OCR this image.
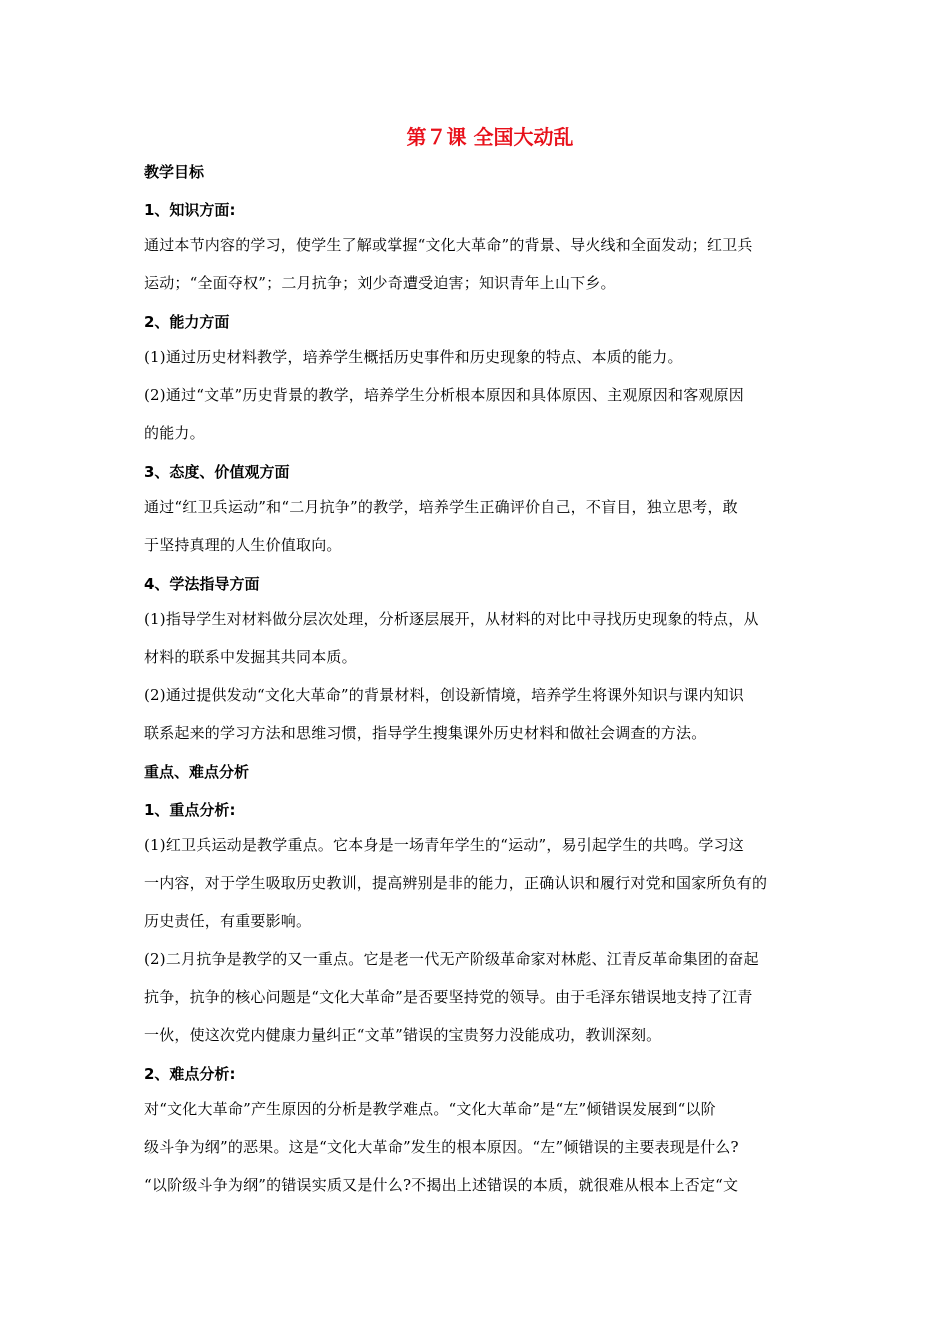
第７课 全国大动乱
教学目标
1、知识方面:
通过本节内容的学习，使学生了解或掌握“文化大革命”的背景、导火线和全面发动；红卫兵
运动；“全面夺权”；二月抗争；刘少奇遭受迫害；知识青年上山下乡。
2、能力方面
(1)通过历史材料教学，培养学生概括历史事件和历史现象的特点、本质的能力。
(2)通过“文革”历史背景的教学，培养学生分析根本原因和具体原因、主观原因和客观原因
的能力。
3、态度、价值观方面
通过“红卫兵运动”和“二月抗争”的教学，培养学生正确评价自己，不盲目，独立思考，敢
于坚持真理的人生价值取向。
4、学法指导方面
(1)指导学生对材料做分层次处理，分析逐层展开，从材料的对比中寻找历史现象的特点，从
材料的联系中发掘其共同本质。
(2)通过提供发动“文化大革命”的背景材料，创设新情境，培养学生将课外知识与课内知识
联系起来的学习方法和思维习惯，指导学生搜集课外历史材料和做社会调查的方法。
重点、难点分析
1、重点分析:
(1)红卫兵运动是教学重点。它本身是一场青年学生的“运动”，易引起学生的共鸣。学习这
一内容，对于学生吸取历史教训，提高辨别是非的能力，正确认识和履行对党和国家所负有的
历史责任，有重要影响。
(2)二月抗争是教学的又一重点。它是老一代无产阶级革命家对林彪、江青反革命集团的奋起
抗争，抗争的核心问题是“文化大革命”是否要坚持党的领导。由于毛泽东错误地支持了江青
一伙，使这次党内健康力量纠正“文革”错误的宝贵努力没能成功，教训深刻。
2、难点分析:
对“文化大革命”产生原因的分析是教学难点。“文化大革命”是“左”倾错误发展到“以阶
级斗争为纲”的恶果。这是“文化大革命”发生的根本原因。“左”倾错误的主要表现是什么?
“以阶级斗争为纲”的错误实质又是什么?不揭出上述错误的本质，就很难从根本上否定“文
